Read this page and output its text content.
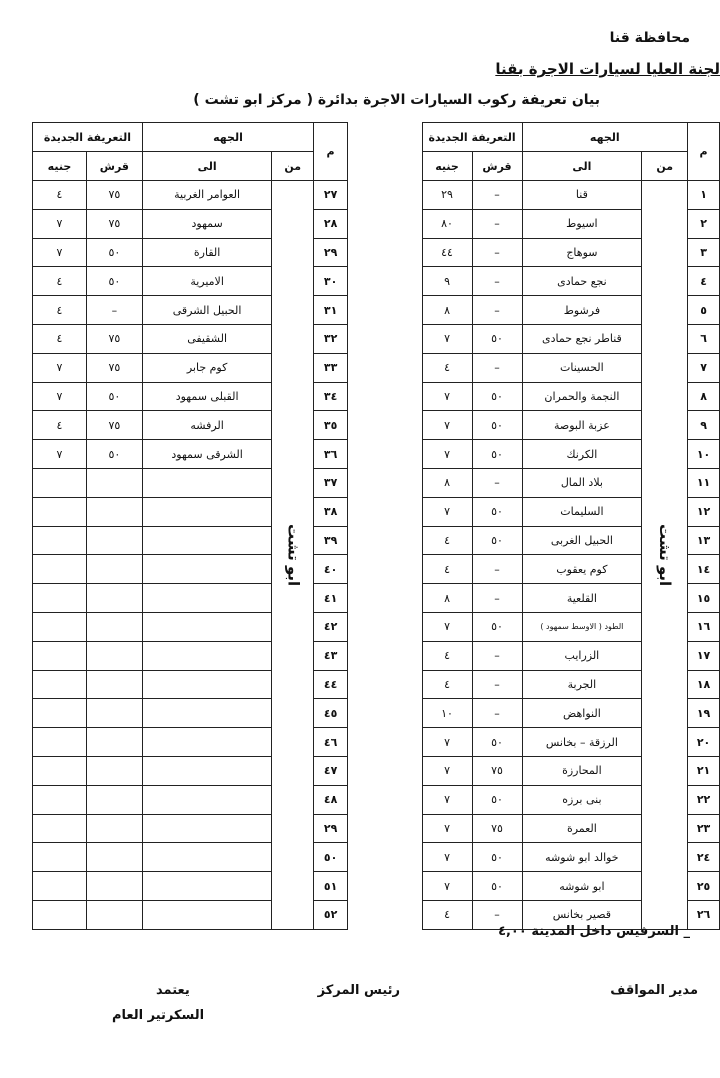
محافظة قنا
لجنة العليا لسيارات الاجرة بقنا
بيان تعريفة ركوب السيارات الاجرة بدائرة ( مركز ابو تشت )
م	الجهه		التعريفة الجديدة		
	من	الى	قرش	جنيه	
١	ابو تشت	قنا	–	٢٩	
٢		اسيوط	–	٨٠	
٣		سوهاج	–	٤٤	
٤		نجع حمادى	–	٩	
٥		فرشوط	–	٨	
٦		قناطر نجع حمادى	٥٠	٧	
٧		الحسينات	–	٤	
٨		النجمة والحمران	٥٠	٧	
٩		عزبة البوصة	٥٠	٧	
١٠		الكرنك	٥٠	٧	
١١		بلاد المال	–	٨	
١٢		السليمات	٥٠	٧	
١٣		الحبيل الغربى	٥٠	٤	
١٤		كوم يعقوب	–	٤	
١٥		القلعية	–	٨	
١٦		الطود ( الاوسط سمهود )	٥٠	٧	
١٧		الزرايب	–	٤	
١٨		الجربة	–	٤	
١٩		النواهض	–	١٠	
٢٠		الرزقة – بخانس	٥٠	٧	
٢١		المحارزة	٧٥	٧	
٢٢		بنى برزه	٥٠	٧	
٢٣		العمرة	٧٥	٧	
٢٤		خوالد ابو شوشه	٥٠	٧	
٢٥		ابو شوشه	٥٠	٧	
٢٦		قصير بخانس	–	٤	
م	الجهه		التعريفة الجديدة	
	من	الى	قرش	جنيه
٢٧	ابو تشت	العوامر الغربية	٧٥	٤
٢٨		سمهود	٧٥	٧
٢٩		القارة	٥٠	٧
٣٠		الاميرية	٥٠	٤
٣١		الحبيل الشرقى	–	٤
٣٢		الشقيفى	٧٥	٤
٣٣		كوم جابر	٧٥	٧
٣٤		القبلى سمهود	٥٠	٧
٣٥		الرفشه	٧٥	٤
٣٦		الشرقى سمهود	٥٠	٧
٣٧				
٣٨				
٣٩				
٤٠				
٤١				
٤٢				
٤٣				
٤٤				
٤٥				
٤٦				
٤٧				
٤٨				
٢٩				
٥٠				
٥١				
٥٢				
_ السرفيس داخل المدينة ٤,٠٠
مدير المواقف
رئيس المركز
يعتمد
السكرتير العام
